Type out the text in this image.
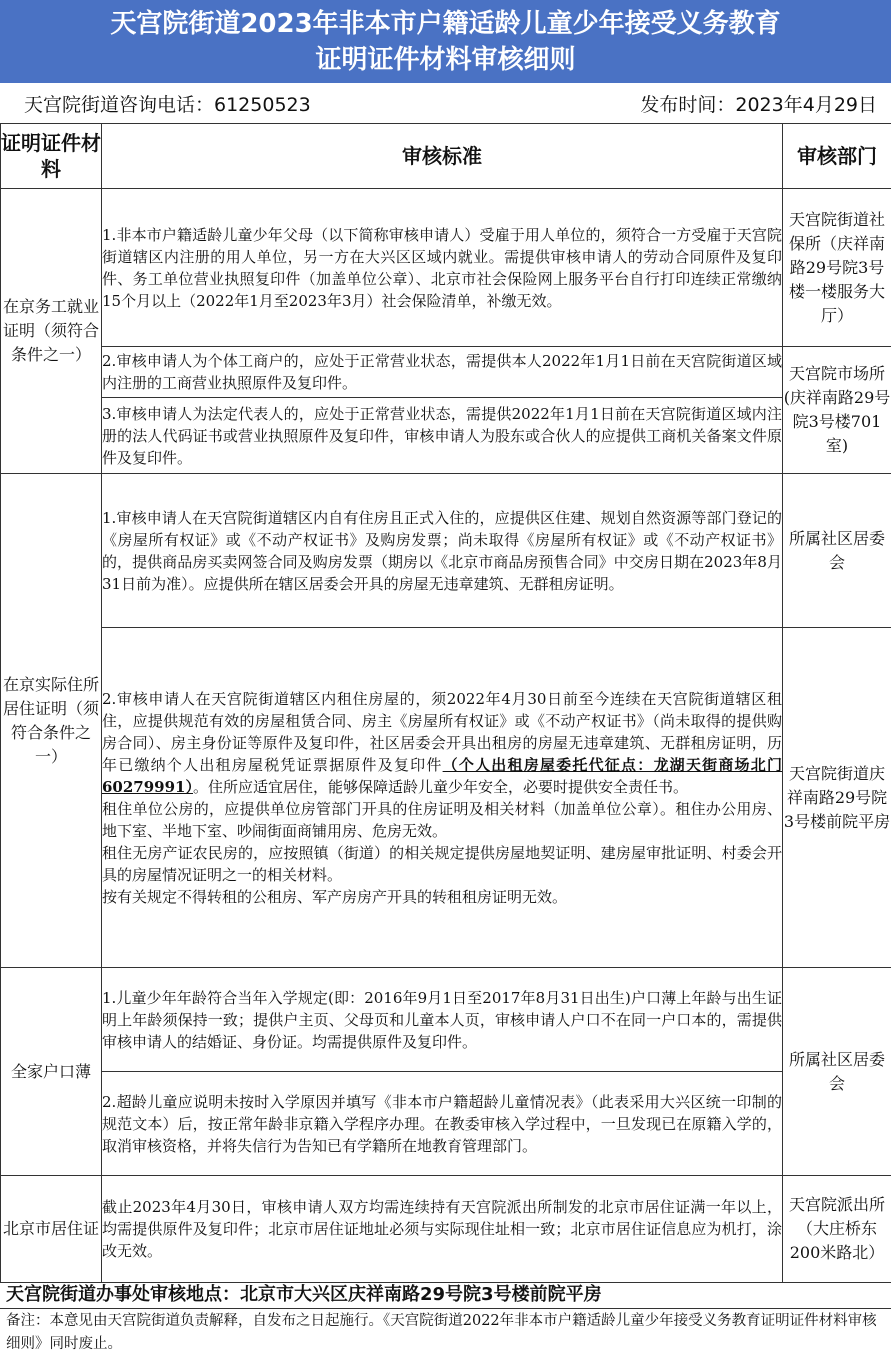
天宫院街道2023年非本市户籍适龄儿童少年接受义务教育
证明证件材料审核细则
天宫院街道咨询电话：61250523	发布时间：2023年4月29日
证明证件材料	审核标准	审核部门
在京务工就业证明（须符合条件之一）	1.非本市户籍适龄儿童少年父母（以下简称审核申请人）受雇于用人单位的，须符合一方受雇于天宫院街道辖区内注册的用人单位，另一方在大兴区区域内就业。需提供审核申请人的劳动合同原件及复印件、务工单位营业执照复印件（加盖单位公章）、北京市社会保险网上服务平台自行打印连续正常缴纳15个月以上（2022年1月至2023年3月）社会保险清单，补缴无效。	天宫院街道社保所（庆祥南路29号院3号楼一楼服务大厅）
	2.审核申请人为个体工商户的，应处于正常营业状态，需提供本人2022年1月1日前在天宫院街道区域内注册的工商营业执照原件及复印件。	天宫院市场所(庆祥南路29号院3号楼701室)
	3.审核申请人为法定代表人的，应处于正常营业状态，需提供2022年1月1日前在天宫院街道区域内注册的法人代码证书或营业执照原件及复印件，审核申请人为股东或合伙人的应提供工商机关备案文件原件及复印件。	
在京实际住所居住证明（须符合条件之一）	1.审核申请人在天宫院街道辖区内自有住房且正式入住的，应提供区住建、规划自然资源等部门登记的《房屋所有权证》或《不动产权证书》及购房发票；尚未取得《房屋所有权证》或《不动产权证书》的，提供商品房买卖网签合同及购房发票（期房以《北京市商品房预售合同》中交房日期在2023年8月31日前为准）。应提供所在辖区居委会开具的房屋无违章建筑、无群租房证明。	所属社区居委会
	2.审核申请人在天宫院街道辖区内租住房屋的，须2022年4月30日前至今连续在天宫院街道辖区租住，应提供规范有效的房屋租赁合同、房主《房屋所有权证》或《不动产权证书》（尚未取得的提供购房合同）、房主身份证等原件及复印件，社区居委会开具出租房的房屋无违章建筑、无群租房证明，历年已缴纳个人出租房屋税凭证票据原件及复印件（个人出租房屋委托代征点：龙湖天街商场北门60279991）。住所应适宜居住，能够保障适龄儿童少年安全，必要时提供安全责任书。
租住单位公房的，应提供单位房管部门开具的住房证明及相关材料（加盖单位公章）。租住办公用房、地下室、半地下室、吵闹街面商铺用房、危房无效。
租住无房产证农民房的，应按照镇（街道）的相关规定提供房屋地契证明、建房屋审批证明、村委会开具的房屋情况证明之一的相关材料。
按有关规定不得转租的公租房、军产房房产开具的转租租房证明无效。	天宫院街道庆祥南路29号院3号楼前院平房
全家户口薄	1.儿童少年年龄符合当年入学规定(即：2016年9月1日至2017年8月31日出生)户口薄上年龄与出生证明上年龄须保持一致；提供户主页、父母页和儿童本人页，审核申请人户口不在同一户口本的，需提供审核申请人的结婚证、身份证。均需提供原件及复印件。	所属社区居委会
	2.超龄儿童应说明未按时入学原因并填写《非本市户籍超龄儿童情况表》（此表采用大兴区统一印制的规范文本）后，按正常年龄非京籍入学程序办理。在教委审核入学过程中，一旦发现已在原籍入学的，取消审核资格，并将失信行为告知已有学籍所在地教育管理部门。	
北京市居住证	截止2023年4月30日，审核申请人双方均需连续持有天宫院派出所制发的北京市居住证满一年以上，均需提供原件及复印件；北京市居住证地址必须与实际现住址相一致；北京市居住证信息应为机打，涂改无效。	天宫院派出所（大庄桥东200米路北）
天宫院街道办事处审核地点：北京市大兴区庆祥南路29号院3号楼前院平房
备注：本意见由天宫院街道负责解释，自发布之日起施行。《天宫院街道2022年非本市户籍适龄儿童少年接受义务教育证明证件材料审核细则》同时废止。
